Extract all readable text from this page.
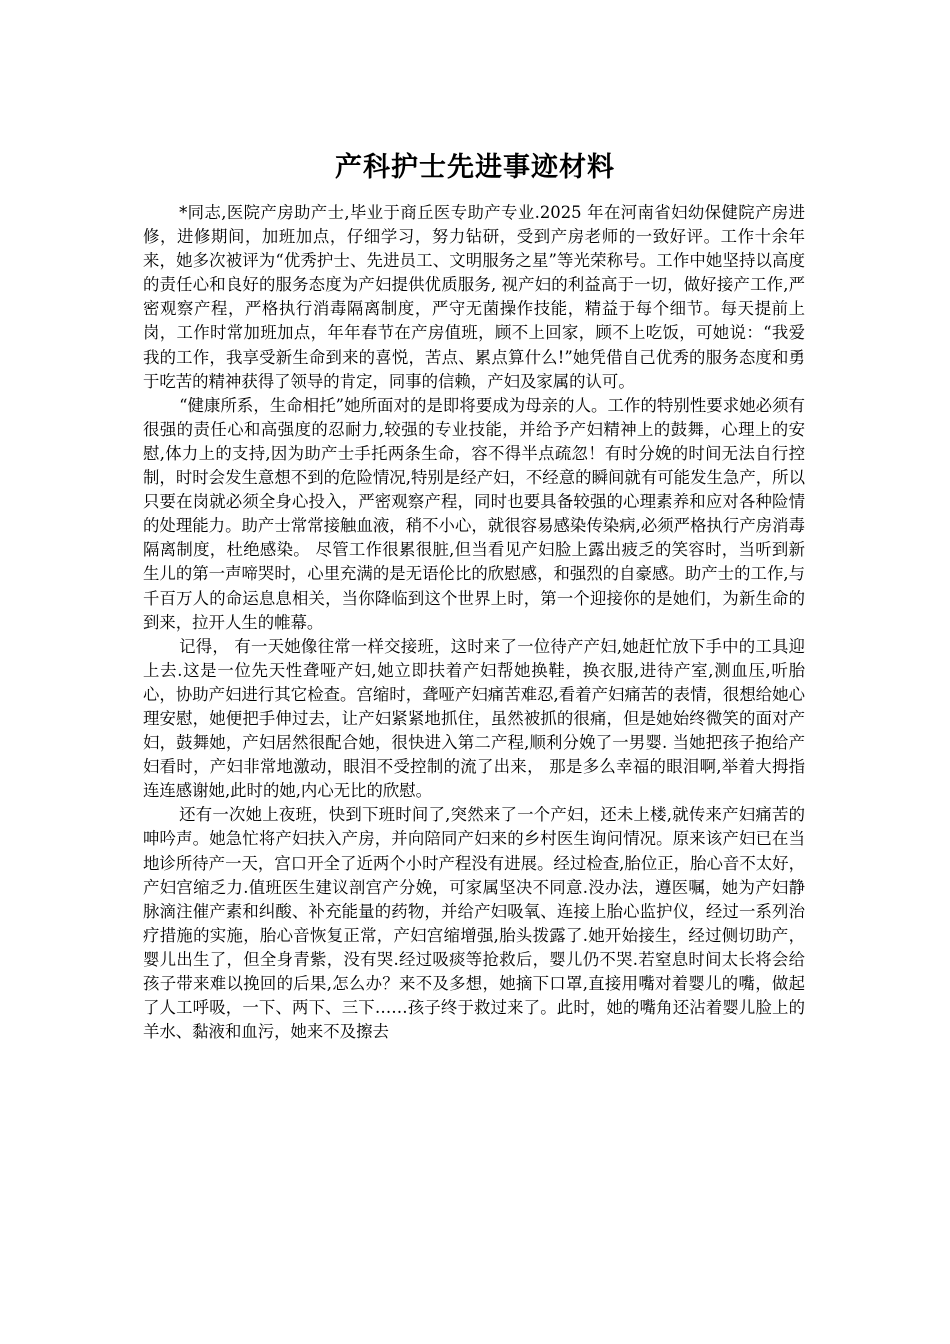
产科护士先进事迹材料

*同志,医院产房助产士,毕业于商丘医专助产专业.2025 年在河南省妇幼保健院产房进修，进修期间，加班加点，仔细学习，努力钻研，受到产房老师的一致好评。工作十余年来，她多次被评为“优秀护士、先进员工、文明服务之星”等光荣称号。工作中她坚持以高度的责任心和良好的服务态度为产妇提供优质服务, 视产妇的利益高于一切，做好接产工作,严密观察产程，严格执行消毒隔离制度，严守无菌操作技能，精益于每个细节。每天提前上岗，工作时常加班加点，年年春节在产房值班，顾不上回家，顾不上吃饭，可她说：“我爱我的工作，我享受新生命到来的喜悦，苦点、累点算什么!”她凭借自己优秀的服务态度和勇于吃苦的精神获得了领导的肯定，同事的信赖，产妇及家属的认可。

“健康所系，生命相托”她所面对的是即将要成为母亲的人。工作的特别性要求她必须有很强的责任心和高强度的忍耐力,较强的专业技能，并给予产妇精神上的鼓舞，心理上的安慰,体力上的支持,因为助产士手托两条生命，容不得半点疏忽！有时分娩的时间无法自行控制，时时会发生意想不到的危险情况,特别是经产妇，不经意的瞬间就有可能发生急产，所以只要在岗就必须全身心投入，严密观察产程，同时也要具备较强的心理素养和应对各种险情的处理能力。助产士常常接触血液，稍不小心，就很容易感染传染病,必须严格执行产房消毒隔离制度，杜绝感染。 尽管工作很累很脏,但当看见产妇脸上露出疲乏的笑容时，当听到新生儿的第一声啼哭时，心里充满的是无语伦比的欣慰感，和强烈的自豪感。助产士的工作,与千百万人的命运息息相关，当你降临到这个世界上时，第一个迎接你的是她们，为新生命的到来，拉开人生的帷幕。

记得， 有一天她像往常一样交接班，这时来了一位待产产妇,她赶忙放下手中的工具迎上去.这是一位先天性聋哑产妇,她立即扶着产妇帮她换鞋，换衣服,进待产室,测血压,听胎心，协助产妇进行其它检查。宫缩时，聋哑产妇痛苦难忍,看着产妇痛苦的表情，很想给她心理安慰，她便把手伸过去，让产妇紧紧地抓住，虽然被抓的很痛，但是她始终微笑的面对产妇，鼓舞她，产妇居然很配合她，很快进入第二产程,顺利分娩了一男婴. 当她把孩子抱给产妇看时，产妇非常地激动，眼泪不受控制的流了出来， 那是多么幸福的眼泪啊,举着大拇指连连感谢她,此时的她,内心无比的欣慰。

还有一次她上夜班，快到下班时间了,突然来了一个产妇，还未上楼,就传来产妇痛苦的呻吟声。她急忙将产妇扶入产房，并向陪同产妇来的乡村医生询问情况。原来该产妇已在当地诊所待产一天，宫口开全了近两个小时产程没有进展。经过检查,胎位正，胎心音不太好，产妇宫缩乏力.值班医生建议剖宫产分娩，可家属坚决不同意.没办法，遵医嘱，她为产妇静脉滴注催产素和纠酸、补充能量的药物，并给产妇吸氧、连接上胎心监护仪，经过一系列治疗措施的实施，胎心音恢复正常，产妇宫缩增强,胎头拨露了.她开始接生，经过侧切助产，婴儿出生了，但全身青紫，没有哭.经过吸痰等抢救后，婴儿仍不哭.若窒息时间太长将会给孩子带来难以挽回的后果,怎么办？来不及多想，她摘下口罩,直接用嘴对着婴儿的嘴，做起了人工呼吸，一下、两下、三下……孩子终于救过来了。此时，她的嘴角还沾着婴儿脸上的羊水、黏液和血污，她来不及擦去
